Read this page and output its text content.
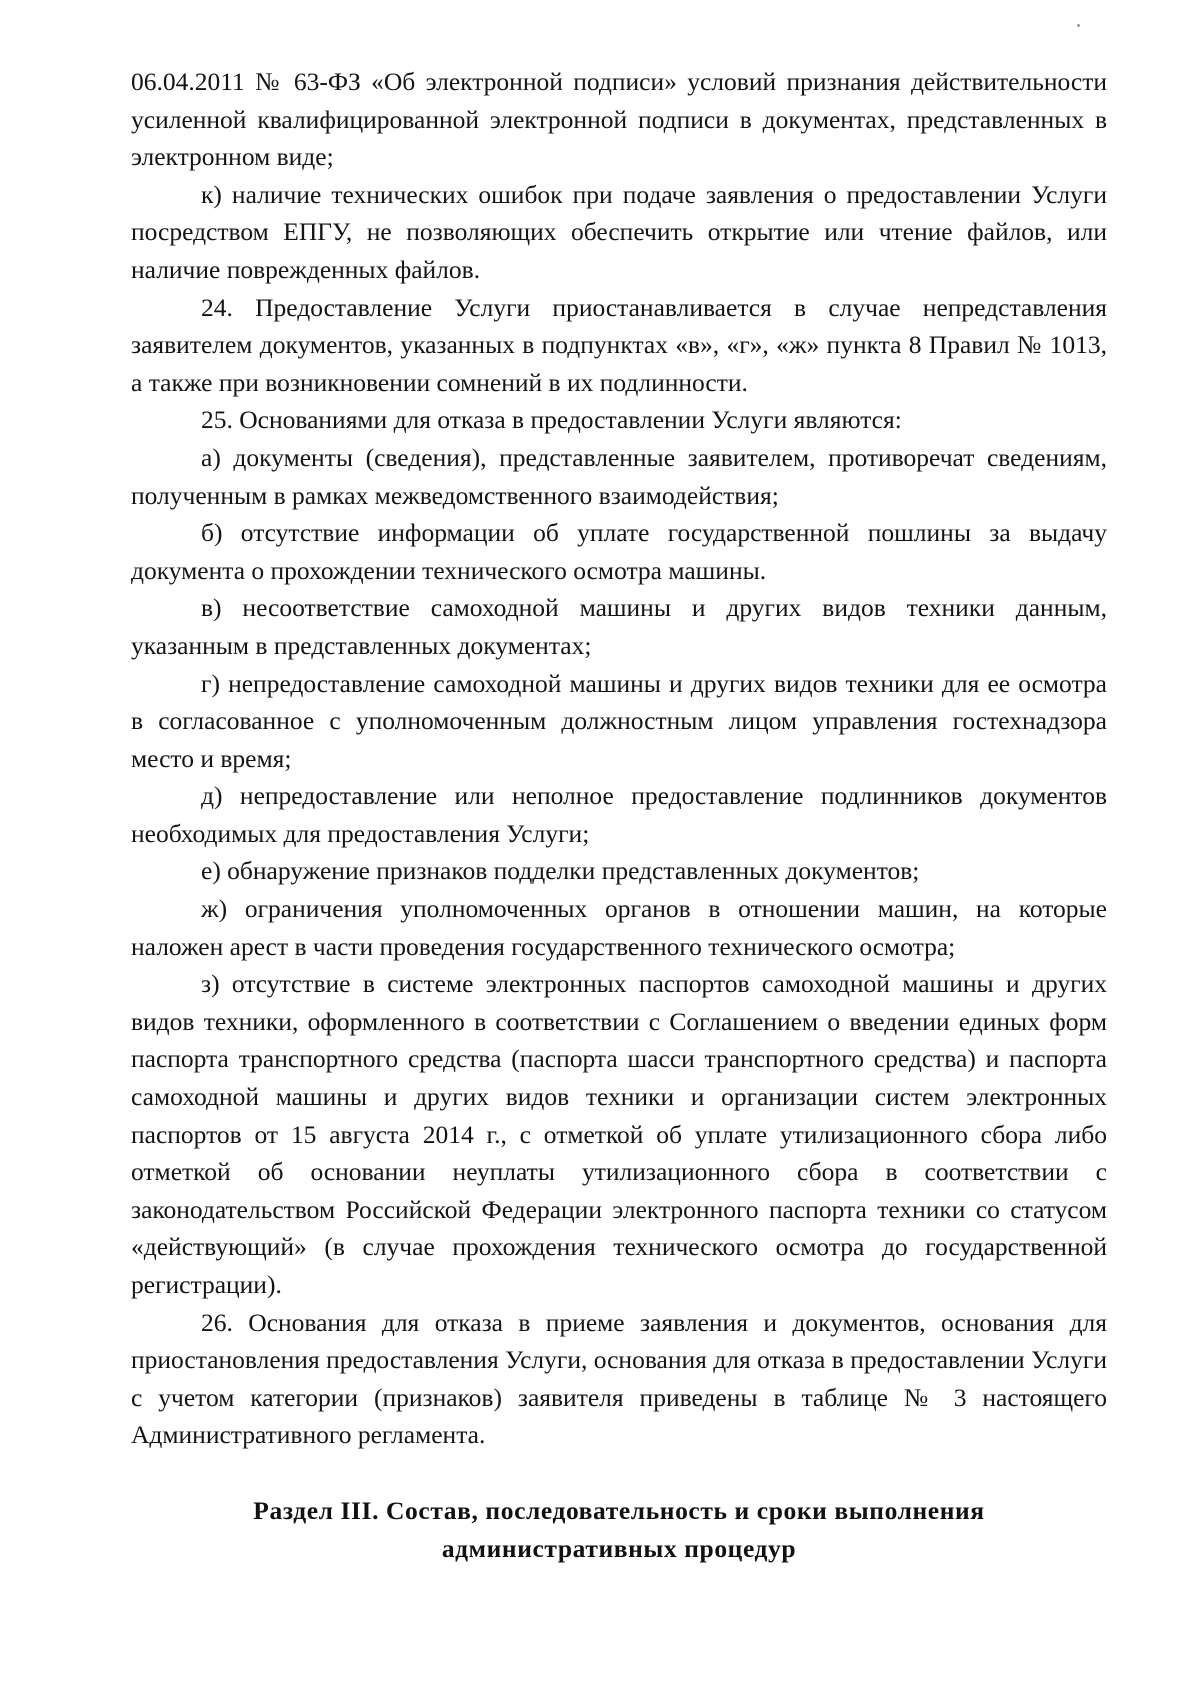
06.04.2011 № 63-ФЗ «Об электронной подписи» условий признания действительности усиленной квалифицированной электронной подписи в документах, представленных в электронном виде;

к) наличие технических ошибок при подаче заявления о предоставлении Услуги посредством ЕПГУ, не позволяющих обеспечить открытие или чтение файлов, или наличие поврежденных файлов.

24. Предоставление Услуги приостанавливается в случае непредставления заявителем документов, указанных в подпунктах «в», «г», «ж» пункта 8 Правил № 1013, а также при возникновении сомнений в их подлинности.

25. Основаниями для отказа в предоставлении Услуги являются:

а) документы (сведения), представленные заявителем, противоречат сведениям, полученным в рамках межведомственного взаимодействия;

б) отсутствие информации об уплате государственной пошлины за выдачу документа о прохождении технического осмотра машины.

в) несоответствие самоходной машины и других видов техники данным, указанным в представленных документах;

г) непредоставление самоходной машины и других видов техники для ее осмотра в согласованное с уполномоченным должностным лицом управления гостехнадзора место и время;

д) непредоставление или неполное предоставление подлинников документов необходимых для предоставления Услуги;

е) обнаружение признаков подделки представленных документов;

ж) ограничения уполномоченных органов в отношении машин, на которые наложен арест в части проведения государственного технического осмотра;

з) отсутствие в системе электронных паспортов самоходной машины и других видов техники, оформленного в соответствии с Соглашением о введении единых форм паспорта транспортного средства (паспорта шасси транспортного средства) и паспорта самоходной машины и других видов техники и организации систем электронных паспортов от 15 августа 2014 г., с отметкой об уплате утилизационного сбора либо отметкой об основании неуплаты утилизационного сбора в соответствии с законодательством Российской Федерации электронного паспорта техники со статусом «действующий» (в случае прохождения технического осмотра до государственной регистрации).

26. Основания для отказа в приеме заявления и документов, основания для приостановления предоставления Услуги, основания для отказа в предоставлении Услуги с учетом категории (признаков) заявителя приведены в таблице № 3 настоящего Административного регламента.

Раздел III. Состав, последовательность и сроки выполнения
административных процедур
